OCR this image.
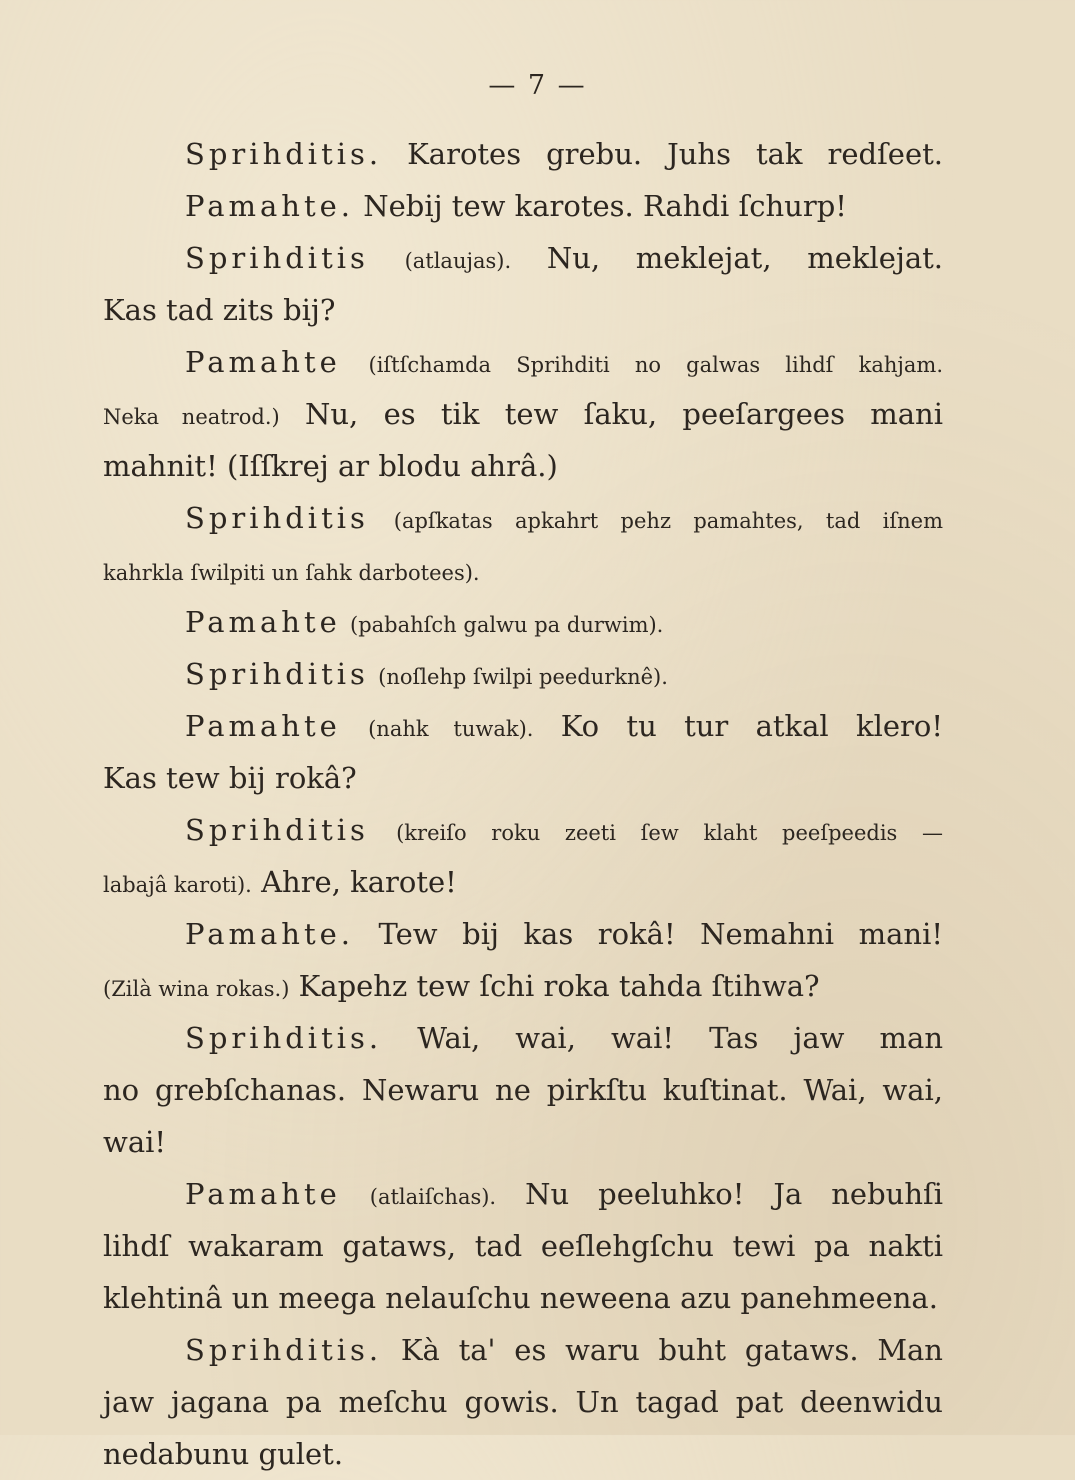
— 7 —
Sprihditis. Karotes grebu. Juhs tak redſeet.
Pamahte. Nebij tew karotes. Rahdi ſchurp!
Sprihditis (atlaujas). Nu, meklejat, meklejat.
Kas tad zits bij?
Pamahte (iſtſchamda Sprihditi no galwas lihdſ kahjam.
Neka neatrod.) Nu, es tik tew ſaku, peeſargees mani
mahnit! (Iſſkrej ar blodu ahrâ.)
Sprihditis (apſkatas apkahrt pehz pamahtes, tad iſnem
kahrkla ſwilpiti un ſahk darbotees).
Pamahte (pabahſch galwu pa durwim).
Sprihditis (noſlehp ſwilpi peedurknê).
Pamahte (nahk tuwak). Ko tu tur atkal klero!
Kas tew bij rokâ?
Sprihditis (kreiſo roku zeeti ſew klaht peeſpeedis —
labajâ karoti). Ahre, karote!
Pamahte. Tew bij kas rokâ! Nemahni mani!
(Zilà wina rokas.) Kapehz tew ſchi roka tahda ſtihwa?
Sprihditis. Wai, wai, wai! Tas jaw man
no grebſchanas. Newaru ne pirkſtu kuſtinat. Wai, wai,
wai!
Pamahte (atlaiſchas). Nu peeluhko! Ja nebuhſi
lihdſ wakaram gataws, tad eeſlehgſchu tewi pa nakti
klehtinâ un meega nelauſchu neweena azu panehmeena.
Sprihditis. Kà ta' es waru buht gataws. Man
jaw jagana pa meſchu gowis. Un tagad pat deenwidu
nedabunu gulet.
